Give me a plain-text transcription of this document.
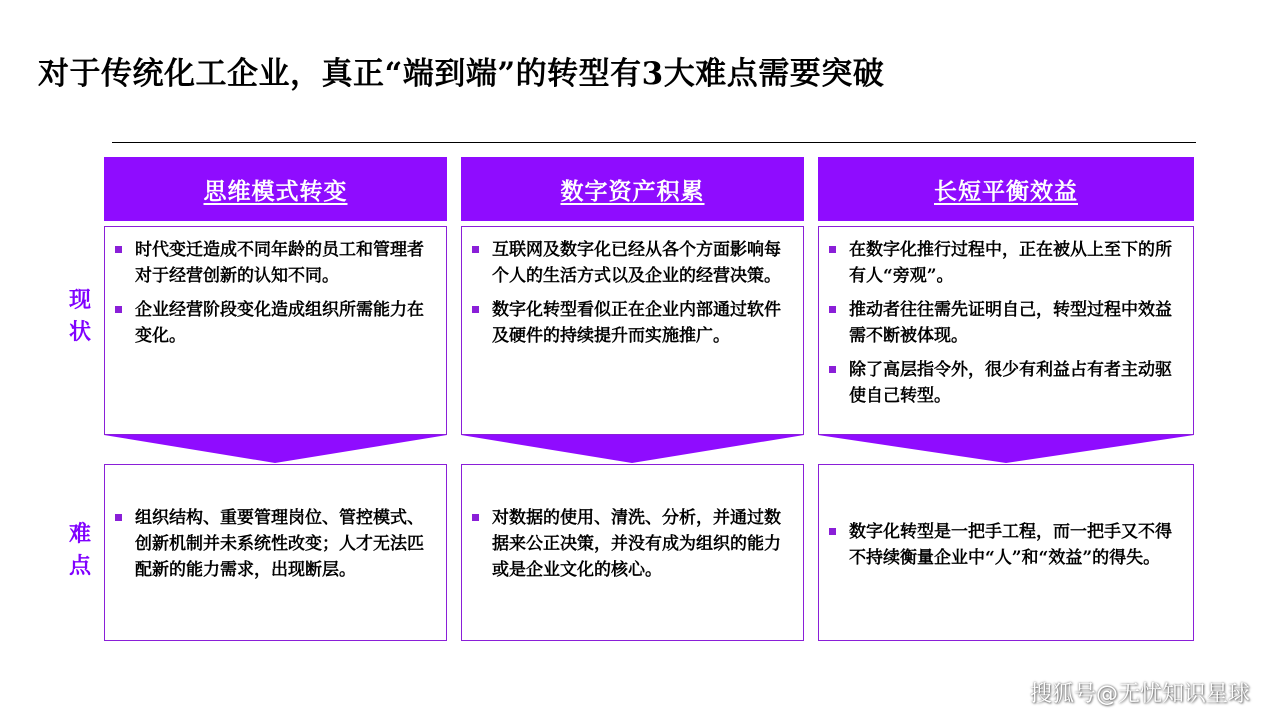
对于传统化工企业，真正“端到端”的转型有3大难点需要突破
现
状
难
点
思维模式转变
时代变迁造成不同年龄的员工和管理者对于经营创新的认知不同。
企业经营阶段变化造成组织所需能力在变化。
组织结构、重要管理岗位、管控模式、创新机制并未系统性改变；人才无法匹配新的能力需求，出现断层。
数字资产积累
互联网及数字化已经从各个方面影响每个人的生活方式以及企业的经营决策。
数字化转型看似正在企业内部通过软件及硬件的持续提升而实施推广。
对数据的使用、清洗、分析，并通过数据来公正决策，并没有成为组织的能力或是企业文化的核心。
长短平衡效益
在数字化推行过程中，正在被从上至下的所有人“旁观”。
推动者往往需先证明自己，转型过程中效益需不断被体现。
除了高层指令外，很少有利益占有者主动驱使自己转型。
数字化转型是一把手工程，而一把手又不得不持续衡量企业中“人”和“效益”的得失。
搜狐号@无忧知识星球
